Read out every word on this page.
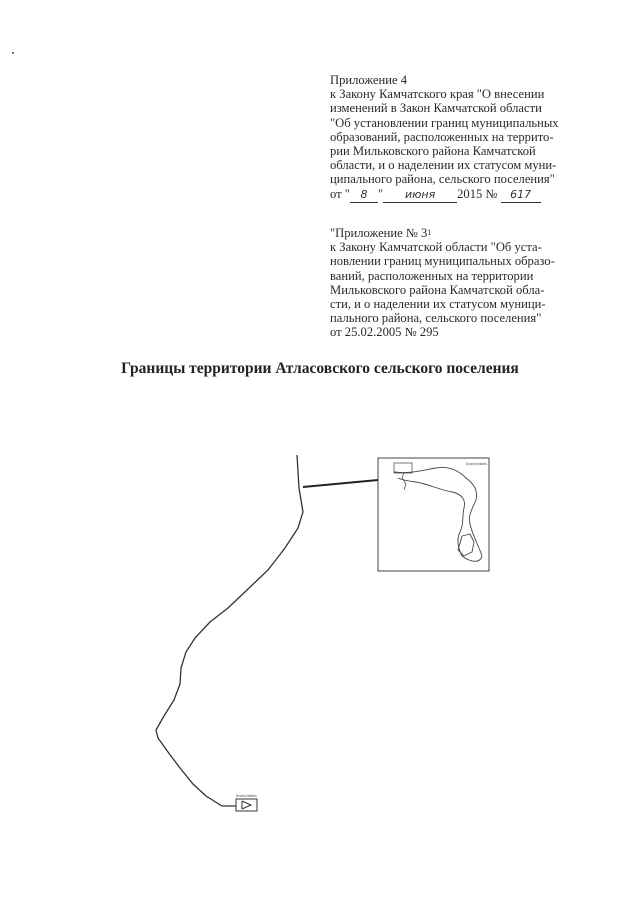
Приложение 4
к Закону Камчатского края "О внесении
изменений в Закон Камчатской области
"Об установлении границ муниципальных
образований, расположенных на террито-
рии Мильковского района Камчатской
области, и о наделении их статусом муни-
ципального района, сельского поселения"
от " 8 " июня 2015 № 617
"Приложение № 3 1
к Закону Камчатской области "Об уста-
новлении границ муниципальных образо-
ваний, расположенных на территории
Мильковского района Камчатской обла-
сти, и о наделении их статусом муници-
пального района, сельского поселения"
от 25.02.2005 № 295
Границы территории Атласовского сельского поселения
Scale/labels
Scale/labels
